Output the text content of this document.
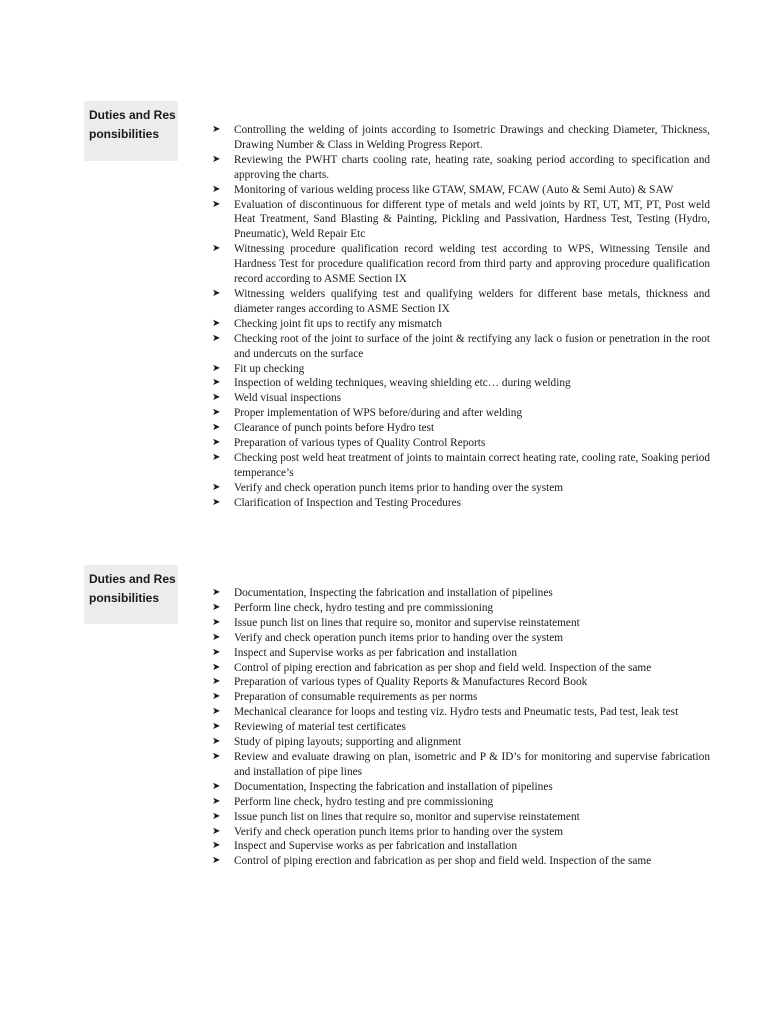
Duties and Responsibilities	➤ Controlling the welding of joints according to Isometric Drawings and checking Diameter, Thickness, Drawing Number & Class in Welding Progress Report.
➤ Reviewing the PWHT charts cooling rate, heating rate, soaking period according to specification and approving the charts.
➤ Monitoring of various welding process like GTAW, SMAW, FCAW (Auto & Semi Auto) & SAW
➤ Evaluation of discontinuous for different type of metals and weld joints by RT, UT, MT, PT, Post weld Heat Treatment, Sand Blasting & Painting, Pickling and Passivation, Hardness Test, Testing (Hydro, Pneumatic), Weld Repair Etc
➤ Witnessing procedure qualification record welding test according to WPS, Witnessing Tensile and Hardness Test for procedure qualification record from third party and approving procedure qualification record according to ASME Section IX
➤ Witnessing welders qualifying test and qualifying welders for different base metals, thickness and diameter ranges according to ASME Section IX
➤ Checking joint fit ups to rectify any mismatch
➤ Checking root of the joint to surface of the joint & rectifying any lack o fusion or penetration in the root and undercuts on the surface
➤ Fit up checking
➤ Inspection of welding techniques, weaving shielding etc… during welding
➤ Weld visual inspections
➤ Proper implementation of WPS before/during and after welding
➤ Clearance of punch points before Hydro test
➤ Preparation of various types of Quality Control Reports
➤ Checking post weld heat treatment of joints to maintain correct heating rate, cooling rate, Soaking period temperance’s
➤ Verify and check operation punch items prior to handing over the system
➤ Clarification of Inspection and Testing Procedures
Duties and Responsibilities	➤ Documentation, Inspecting the fabrication and installation of pipelines
➤ Perform line check, hydro testing and pre commissioning
➤ Issue punch list on lines that require so, monitor and supervise reinstatement
➤ Verify and check operation punch items prior to handing over the system
➤ Inspect and Supervise works as per fabrication and installation
➤ Control of piping erection and fabrication as per shop and field weld. Inspection of the same
➤ Preparation of various types of Quality Reports & Manufactures Record Book
➤ Preparation of consumable requirements as per norms
➤ Mechanical clearance for loops and testing viz. Hydro tests and Pneumatic tests, Pad test, leak test
➤ Reviewing of material test certificates
➤ Study of piping layouts; supporting and alignment
➤ Review and evaluate drawing on plan, isometric and P & ID’s for monitoring and supervise fabrication and installation of pipe lines
➤ Documentation, Inspecting the fabrication and installation of pipelines
➤ Perform line check, hydro testing and pre commissioning
➤ Issue punch list on lines that require so, monitor and supervise reinstatement
➤ Verify and check operation punch items prior to handing over the system
➤ Inspect and Supervise works as per fabrication and installation
➤ Control of piping erection and fabrication as per shop and field weld. Inspection of the same
